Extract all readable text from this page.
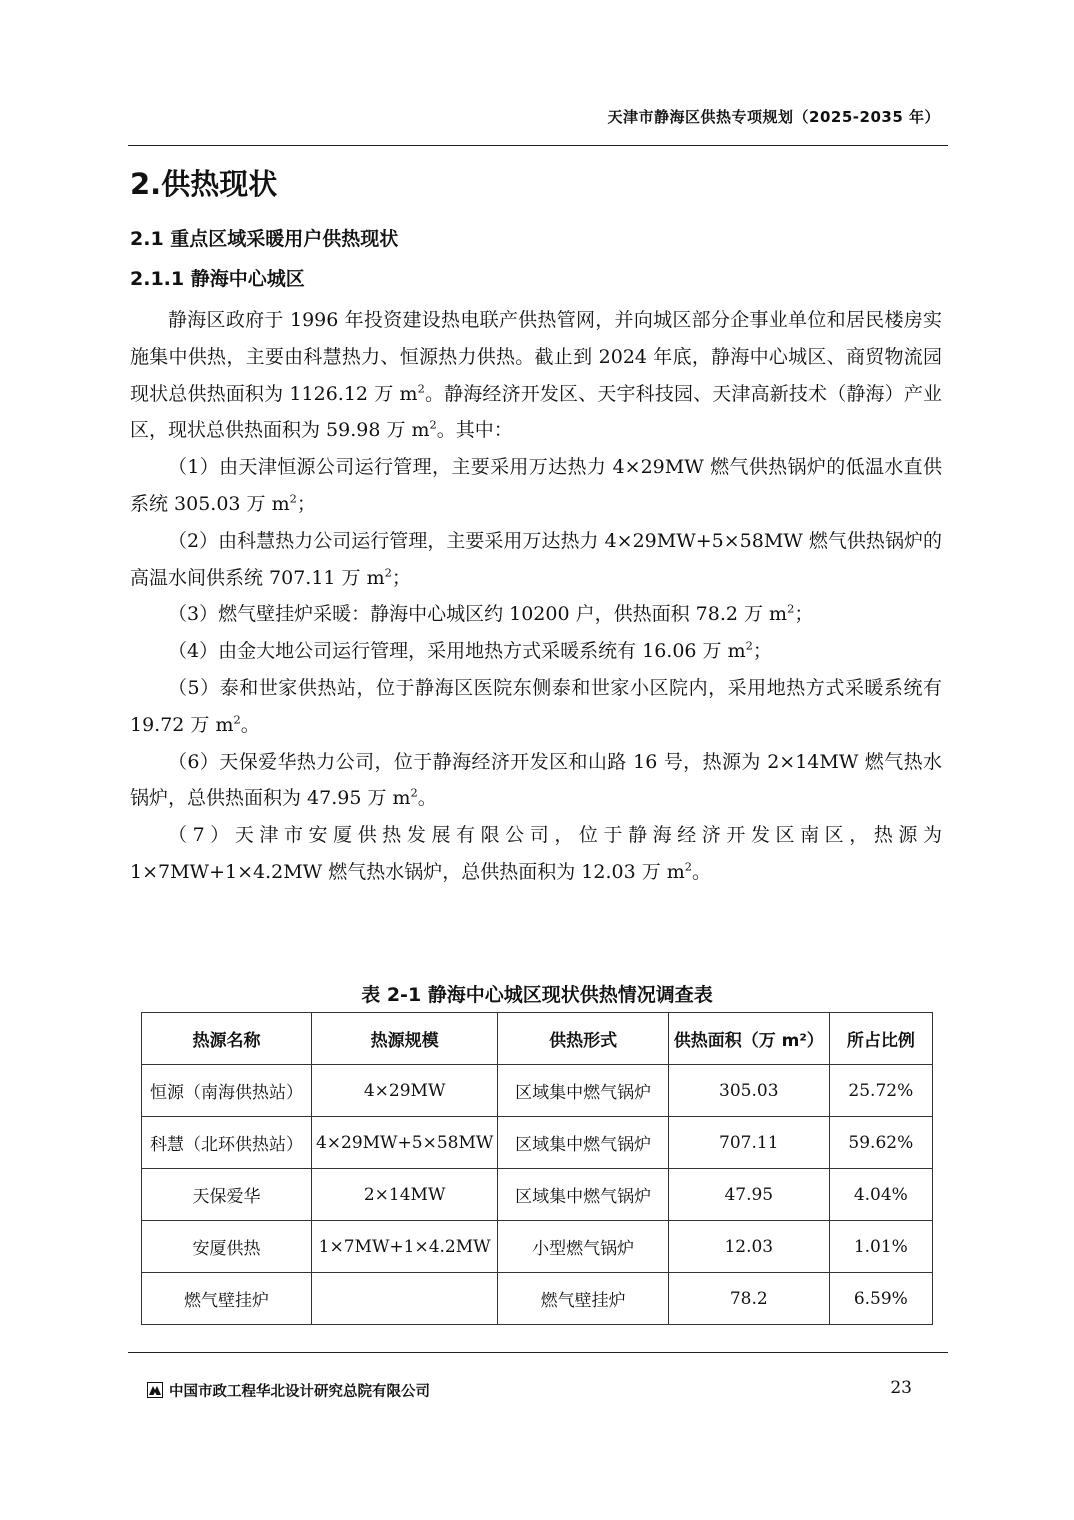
天津市静海区供热专项规划（2025-2035 年）
2.供热现状
2.1 重点区域采暖用户供热现状
2.1.1 静海中心城区

静海区政府于 1996 年投资建设热电联产供热管网，并向城区部分企事业单位和居民楼房实施集中供热，主要由科慧热力、恒源热力供热。截止到 2024 年底，静海中心城区、商贸物流园现状总供热面积为 1126.12 万 $m^2$。静海经济开发区、天宇科技园、天津高新技术（静海）产业区，现状总供热面积为 59.98 万 $m^2$。其中：

（1）由天津恒源公司运行管理，主要采用万达热力 4×29MW 燃气供热锅炉的低温水直供系统 305.03 万 $m^2$；

（2）由科慧热力公司运行管理，主要采用万达热力 4×29MW+5×58MW 燃气供热锅炉的高温水间供系统 707.11 万 $m^2$；

（3）燃气壁挂炉采暖：静海中心城区约 10200 户，供热面积 78.2 万 $m^2$；

（4）由金大地公司运行管理，采用地热方式采暖系统有 16.06 万 $m^2$；

（5）泰和世家供热站，位于静海区医院东侧泰和世家小区院内，采用地热方式采暖系统有 19.72 万 $m^2$。

（6）天保爱华热力公司，位于静海经济开发区和山路 16 号，热源为 2×14MW 燃气热水锅炉，总供热面积为 47.95 万 $m^2$。

（7）天津市安厦供热发展有限公司，位于静海经济开发区南区，热源为 1×7MW+1×4.2MW 燃气热水锅炉，总供热面积为 12.03 万 $m^2$。

表 2-1 静海中心城区现状供热情况调查表
热源名称	热源规模	供热形式	供热面积（万 m²）	所占比例
恒源（南海供热站）	4×29MW	区域集中燃气锅炉	305.03	25.72%
科慧（北环供热站）	4×29MW+5×58MW	区域集中燃气锅炉	707.11	59.62%
天保爱华	2×14MW	区域集中燃气锅炉	47.95	4.04%
安厦供热	1×7MW+1×4.2MW	小型燃气锅炉	12.03	1.01%
燃气壁挂炉		燃气壁挂炉	78.2	6.59%
中国市政工程华北设计研究总院有限公司	23
